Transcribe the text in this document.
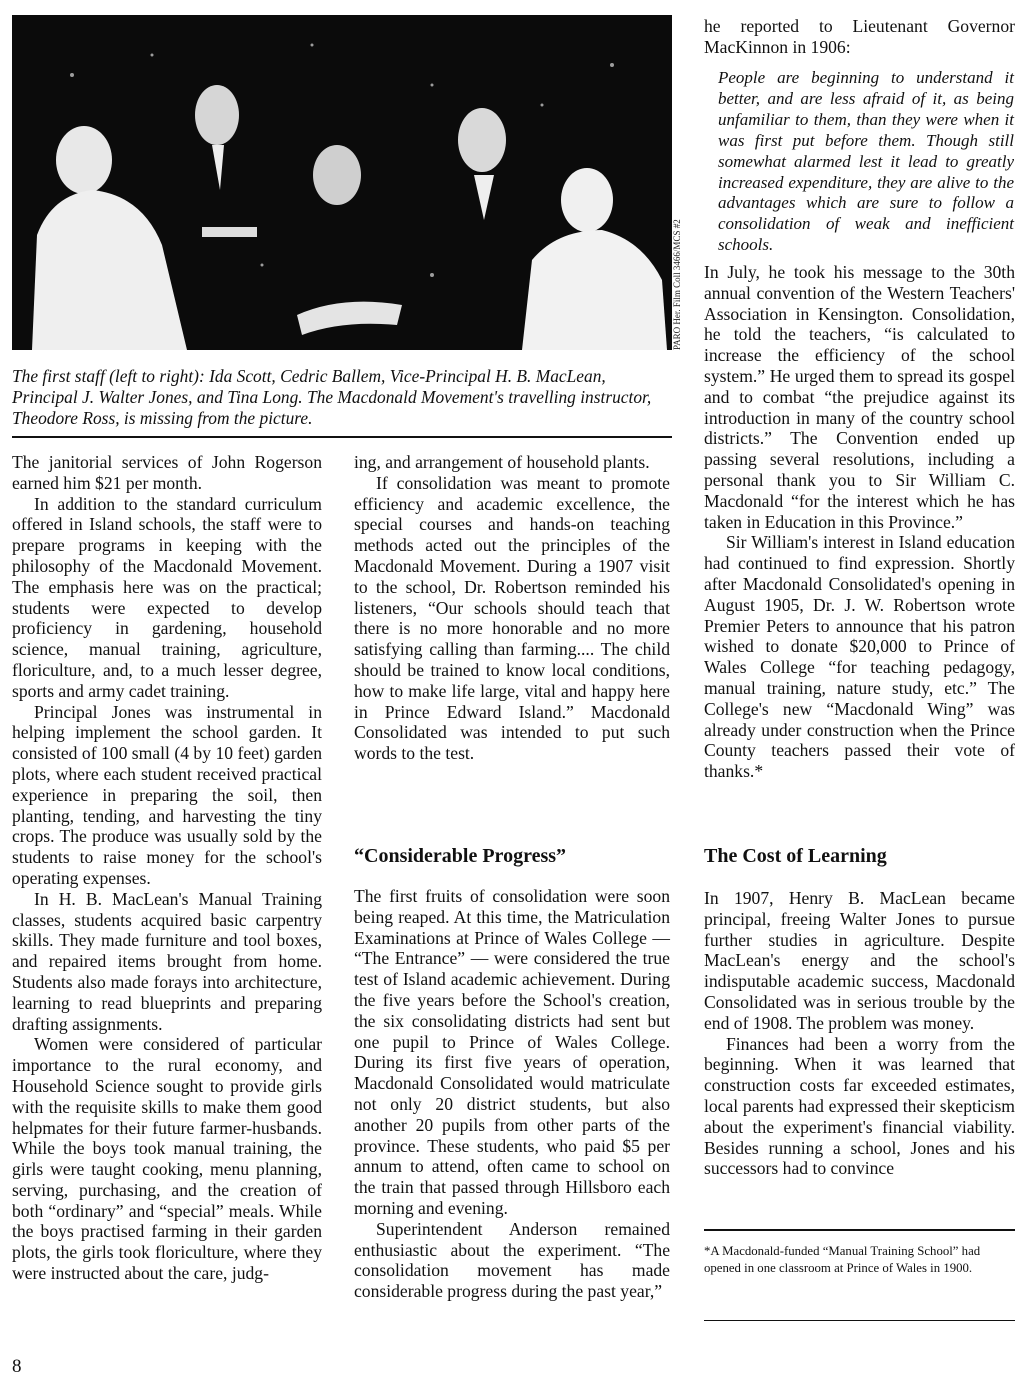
PARO Her. Film Coll 3466/MCS #2
The first staff (left to right): Ida Scott, Cedric Ballem, Vice-Principal H. B. MacLean, Principal J. Walter Jones, and Tina Long. The Macdonald Movement's travelling instructor, Theodore Ross, is missing from the picture.

The janitorial services of John Rogerson earned him $21 per month.

In addition to the standard curriculum offered in Island schools, the staff were to prepare programs in keeping with the philosophy of the Macdonald Movement. The emphasis here was on the practical; students were expected to develop proficiency in gardening, household science, manual training, agriculture, floriculture, and, to a much lesser degree, sports and army cadet training.

Principal Jones was instrumental in helping implement the school garden. It consisted of 100 small (4 by 10 feet) garden plots, where each student received practical experience in preparing the soil, then planting, tending, and harvesting the tiny crops. The produce was usually sold by the students to raise money for the school's operating expenses.

In H. B. MacLean's Manual Training classes, students acquired basic carpentry skills. They made furniture and tool boxes, and repaired items brought from home. Students also made forays into architecture, learning to read blueprints and preparing drafting assignments.

Women were considered of particular importance to the rural economy, and Household Science sought to provide girls with the requisite skills to make them good helpmates for their future farmer-husbands. While the boys took manual training, the girls were taught cooking, menu planning, serving, purchasing, and the creation of both “ordinary” and “special” meals. While the boys practised farming in their garden plots, the girls took floriculture, where they were instructed about the care, judg-

ing, and arrangement of household plants.

If consolidation was meant to promote efficiency and academic excellence, the special courses and hands-on teaching methods acted out the principles of the Macdonald Movement. During a 1907 visit to the school, Dr. Robertson reminded his listeners, “Our schools should teach that there is no more honorable and no more satisfying calling than farming.... The child should be trained to know local conditions, how to make life large, vital and happy here in Prince Edward Island.” Macdonald Consolidated was intended to put such words to the test.

“Considerable Progress”

The first fruits of consolidation were soon being reaped. At this time, the Matriculation Examinations at Prince of Wales College — “The Entrance” — were considered the true test of Island academic achievement. During the five years before the School's creation, the six consolidating districts had sent but one pupil to Prince of Wales College. During its first five years of operation, Macdonald Consolidated would matriculate not only 20 district students, but also another 20 pupils from other parts of the province. These students, who paid $5 per annum to attend, often came to school on the train that passed through Hillsboro each morning and evening.

Superintendent Anderson remained enthusiastic about the experiment. “The consolidation movement has made considerable progress during the past year,”

he reported to Lieutenant Governor MacKinnon in 1906:

People are beginning to understand it better, and are less afraid of it, as being unfamiliar to them, than they were when it was first put before them. Though still somewhat alarmed lest it lead to greatly increased expenditure, they are alive to the advantages which are sure to follow a consolidation of weak and inefficient schools.

In July, he took his message to the 30th annual convention of the Western Teachers' Association in Kensington. Consolidation, he told the teachers, “is calculated to increase the efficiency of the school system.” He urged them to spread its gospel and to combat “the prejudice against its introduction in many of the country school districts.” The Convention ended up passing several resolutions, including a personal thank you to Sir William C. Macdonald “for the interest which he has taken in Education in this Province.”

Sir William's interest in Island education had continued to find expression. Shortly after Macdonald Consolidated's opening in August 1905, Dr. J. W. Robertson wrote Premier Peters to announce that his patron wished to donate $20,000 to Prince of Wales College “for teaching pedagogy, manual training, nature study, etc.” The College's new “Macdonald Wing” was already under construction when the Prince County teachers passed their vote of thanks.*

The Cost of Learning

In 1907, Henry B. MacLean became principal, freeing Walter Jones to pursue further studies in agriculture. Despite MacLean's energy and the school's indisputable academic success, Macdonald Consolidated was in serious trouble by the end of 1908. The problem was money.

Finances had been a worry from the beginning. When it was learned that construction costs far exceeded estimates, local parents had expressed their skepticism about the experiment's financial viability. Besides running a school, Jones and his successors had to convince

*A Macdonald-funded “Manual Training School” had opened in one classroom at Prince of Wales in 1900.
8
